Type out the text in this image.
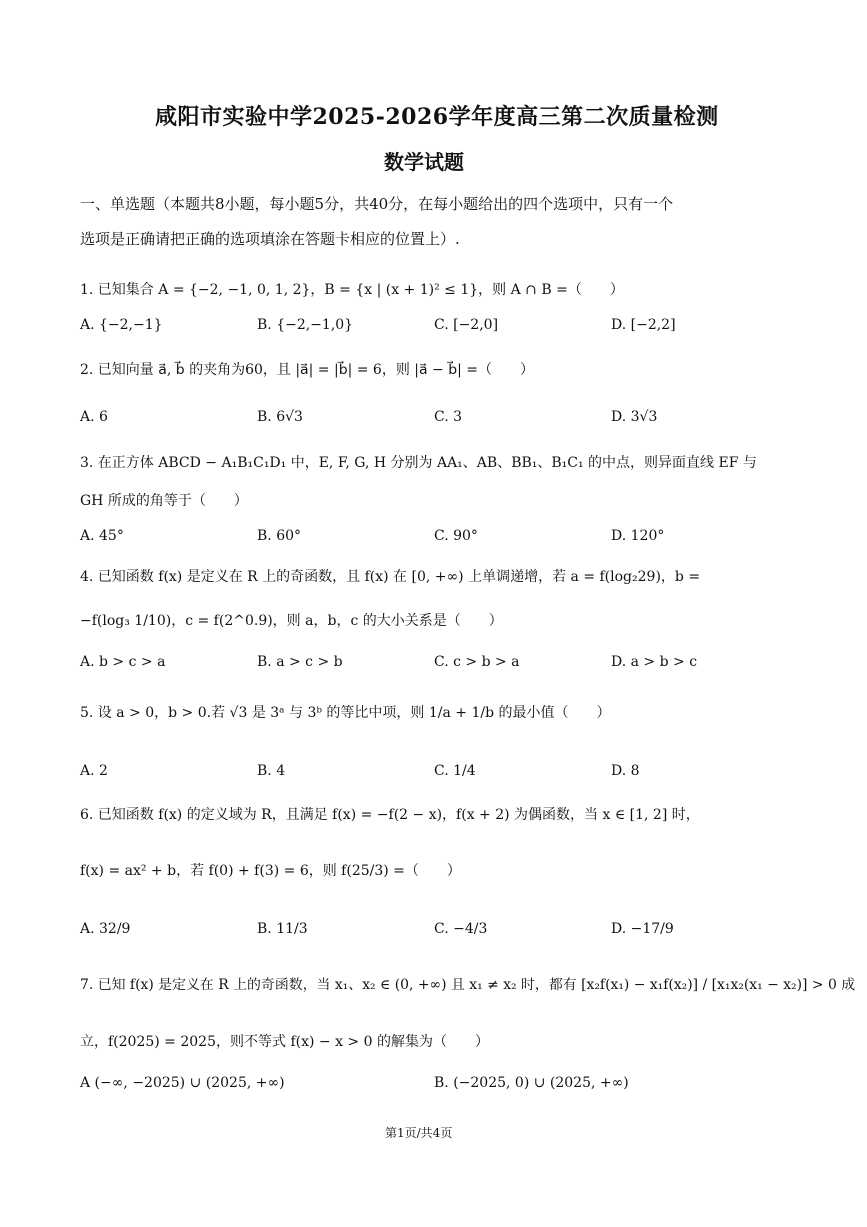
咸阳市实验中学2025-2026学年度高三第二次质量检测
数学试题
一、单选题（本题共8小题，每小题5分，共40分，在每小题给出的四个选项中，只有一个
选项是正确请把正确的选项填涂在答题卡相应的位置上）.
1. 已知集合 A = {−2, −1, 0, 1, 2}，B = {x | (x + 1)² ≤ 1}，则 A ∩ B =（　　）
A. {−2,−1}	B. {−2,−1,0}	C. [−2,0]	D. [−2,2]
2. 已知向量 a⃗, b⃗ 的夹角为60，且 |a⃗| = |b⃗| = 6，则 |a⃗ − b⃗| =（　　）
A. 6	B. 6√3	C. 3	D. 3√3
3. 在正方体 ABCD − A₁B₁C₁D₁ 中，E, F, G, H 分别为 AA₁、AB、BB₁、B₁C₁ 的中点，则异面直线 EF 与
GH 所成的角等于（　　）
A. 45°	B. 60°	C. 90°	D. 120°
4. 已知函数 f(x) 是定义在 R 上的奇函数，且 f(x) 在 [0, +∞) 上单调递增，若 a = f(log₂29)，b =
−f(log₃ 1/10)，c = f(2^0.9)，则 a，b，c 的大小关系是（　　）
A. b > c > a	B. a > c > b	C. c > b > a	D. a > b > c
5. 设 a > 0，b > 0.若 √3 是 3ᵃ 与 3ᵇ 的等比中项，则 1/a + 1/b 的最小值（　　）
A. 2	B. 4	C. 1/4	D. 8
6. 已知函数 f(x) 的定义域为 R，且满足 f(x) = −f(2 − x)，f(x + 2) 为偶函数，当 x ∈ [1, 2] 时，
f(x) = ax² + b，若 f(0) + f(3) = 6，则 f(25/3) =（　　）
A. 32/9	B. 11/3	C. −4/3	D. −17/9
7. 已知 f(x) 是定义在 R 上的奇函数，当 x₁、x₂ ∈ (0, +∞) 且 x₁ ≠ x₂ 时，都有 [x₂f(x₁) − x₁f(x₂)] / [x₁x₂(x₁ − x₂)] > 0 成
立，f(2025) = 2025，则不等式 f(x) − x > 0 的解集为（　　）
A (−∞, −2025) ∪ (2025, +∞)	B. (−2025, 0) ∪ (2025, +∞)
第1页/共4页
